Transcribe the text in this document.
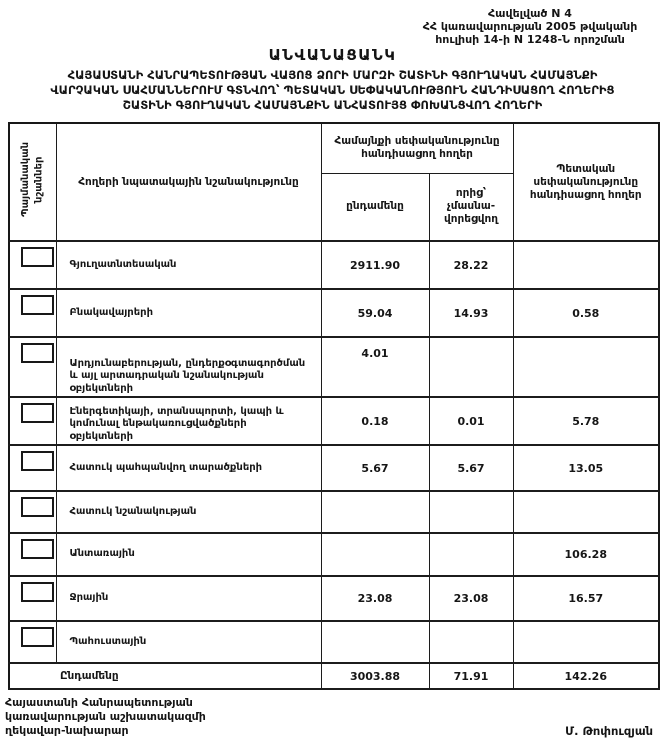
Հավելված N 4
ՀՀ կառավարության 2005 թվականի
հուլիսի 14-ի N 1248-Ն որոշման
ԱՆՎԱՆԱՑԱՆԿ
ՀԱՅԱՍՏԱՆԻ ՀԱՆՐԱՊԵՏՈՒԹՅԱՆ ՎԱՅՈՑ ՁՈՐԻ ՄԱՐԶԻ ՇԱՏԻՆԻ ԳՅՈՒՂԱԿԱՆ ՀԱՄԱՅՆՔԻ
ՎԱՐՉԱԿԱՆ ՍԱՀՄԱՆՆԵՐՈՒՄ ԳՏՆՎՈՂ՝ ՊԵՏԱԿԱՆ ՍԵՓԱԿԱՆՈՒԹՅՈՒՆ ՀԱՆԴԻՍԱՑՈՂ ՀՈՂԵՐԻՑ
ՇԱՏԻՆԻ ԳՅՈՒՂԱԿԱՆ ՀԱՄԱՅՆՔԻՆ ԱՆՀԱՏՈՒՅՑ ՓՈԽԱՆՑՎՈՂ ՀՈՂԵՐԻ
Պայմանական նշաններ	Հողերի նպատակային նշանակությունը	Համայնքի սեփականությունը հանդիսացող հողեր		Պետական սեփականությունը հանդիսացող հողեր
		ընդամենը	որից՝ չմասնա-վորեցվող	

	Գյուղատնտեսական	2911.90	28.22	

	Բնակավայրերի	59.04	14.93	0.58

	Արդյունաբերության, ընդերքօգտագործման և այլ արտադրական նշանակության օբյեկտների	4.01		

	Էներգետիկայի, տրանսպորտի, կապի և կոմունալ ենթակառուցվածքների օբյեկտների	0.18	0.01	5.78

	Հատուկ պահպանվող տարածքների	5.67	5.67	13.05

	Հատուկ նշանակության			

	Անտառային			106.28

	Ջրային	23.08	23.08	16.57

	Պահուստային			
Ընդամենը		3003.88	71.91	142.26
Հայաստանի Հանրապետության
կառավարության աշխատակազմի
ղեկավար-նախարար	Մ. Թոփուզյան
